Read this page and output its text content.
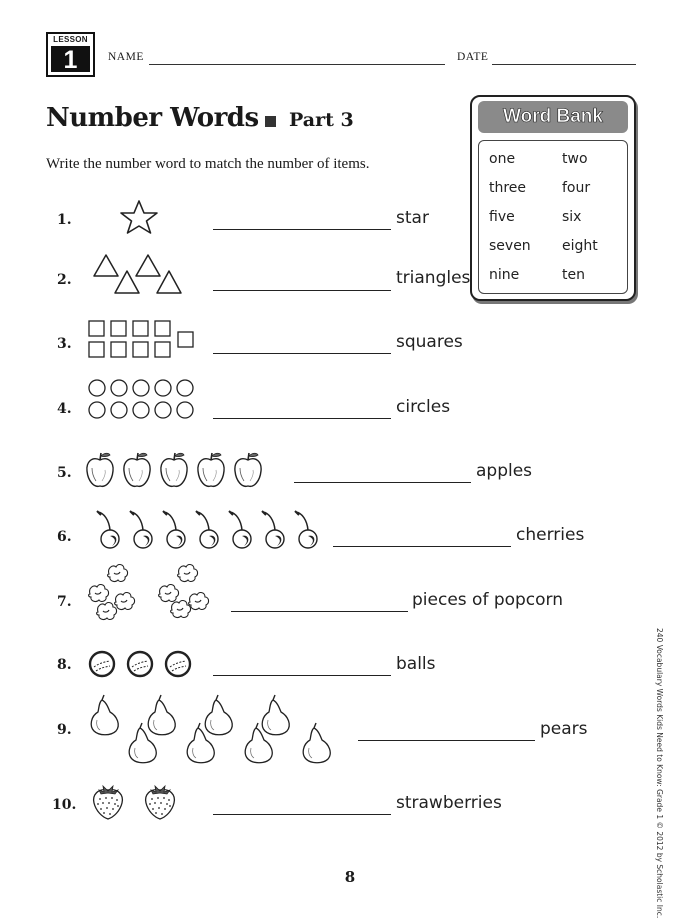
LESSON
1	NAME	DATE
Number Words Part 3
Write the number word to match the number of items.
Word Bank
one	two
three	four
five	six
seven eight
nine	ten
1.	star
2.	triangles
3.	squares
4.	circles
5.	apples
6.	cherries
7.	pieces of popcorn
8.	balls
9.	pears
10.	strawberries	240 Vocabulary Words Kids Need to Know: Grade 1 © 2012 by Scholastic Inc.
8
